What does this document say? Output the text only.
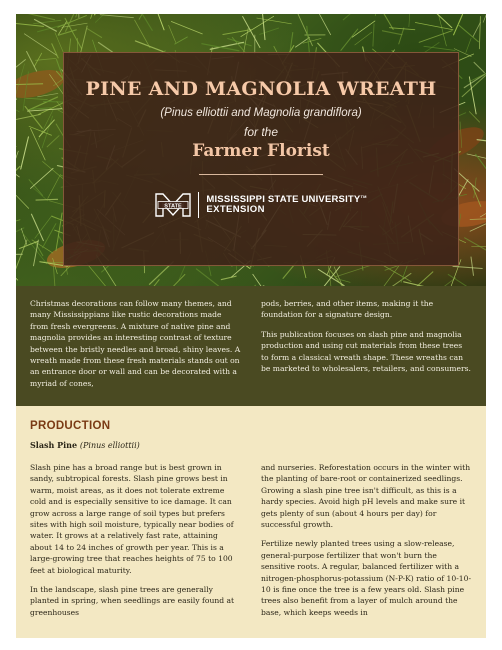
PINE AND MAGNOLIA WREATH
(Pinus elliottii and Magnolia grandiflora)
for the
Farmer Florist
STATE
MISSISSIPPI STATE UNIVERSITY™
EXTENSION

Christmas decorations can follow many themes, and many Mississippians like rustic decorations made from fresh evergreens. A mixture of native pine and magnolia provides an interesting contrast of texture between the bristly needles and broad, shiny leaves. A wreath made from these fresh materials stands out on an entrance door or wall and can be decorated with a myriad of cones,

pods, berries, and other items, making it the foundation for a signature design.

This publication focuses on slash pine and magnolia production and using cut materials from these trees to form a classical wreath shape. These wreaths can be marketed to wholesalers, retailers, and consumers.

PRODUCTION
Slash Pine (Pinus elliottii)

Slash pine has a broad range but is best grown in sandy, subtropical forests. Slash pine grows best in warm, moist areas, as it does not tolerate extreme cold and is especially sensitive to ice damage. It can grow across a large range of soil types but prefers sites with high soil moisture, typically near bodies of water. It grows at a relatively fast rate, attaining about 14 to 24 inches of growth per year. This is a large-growing tree that reaches heights of 75 to 100 feet at biological maturity.

In the landscape, slash pine trees are generally planted in spring, when seedlings are easily found at greenhouses

and nurseries. Reforestation occurs in the winter with the planting of bare-root or containerized seedlings. Growing a slash pine tree isn't difficult, as this is a hardy species. Avoid high pH levels and make sure it gets plenty of sun (about 4 hours per day) for successful growth.

Fertilize newly planted trees using a slow-release, general-purpose fertilizer that won't burn the sensitive roots. A regular, balanced fertilizer with a nitrogen-phosphorus-potassium (N-P-K) ratio of 10-10-10 is fine once the tree is a few years old. Slash pine trees also benefit from a layer of mulch around the base, which keeps weeds in
